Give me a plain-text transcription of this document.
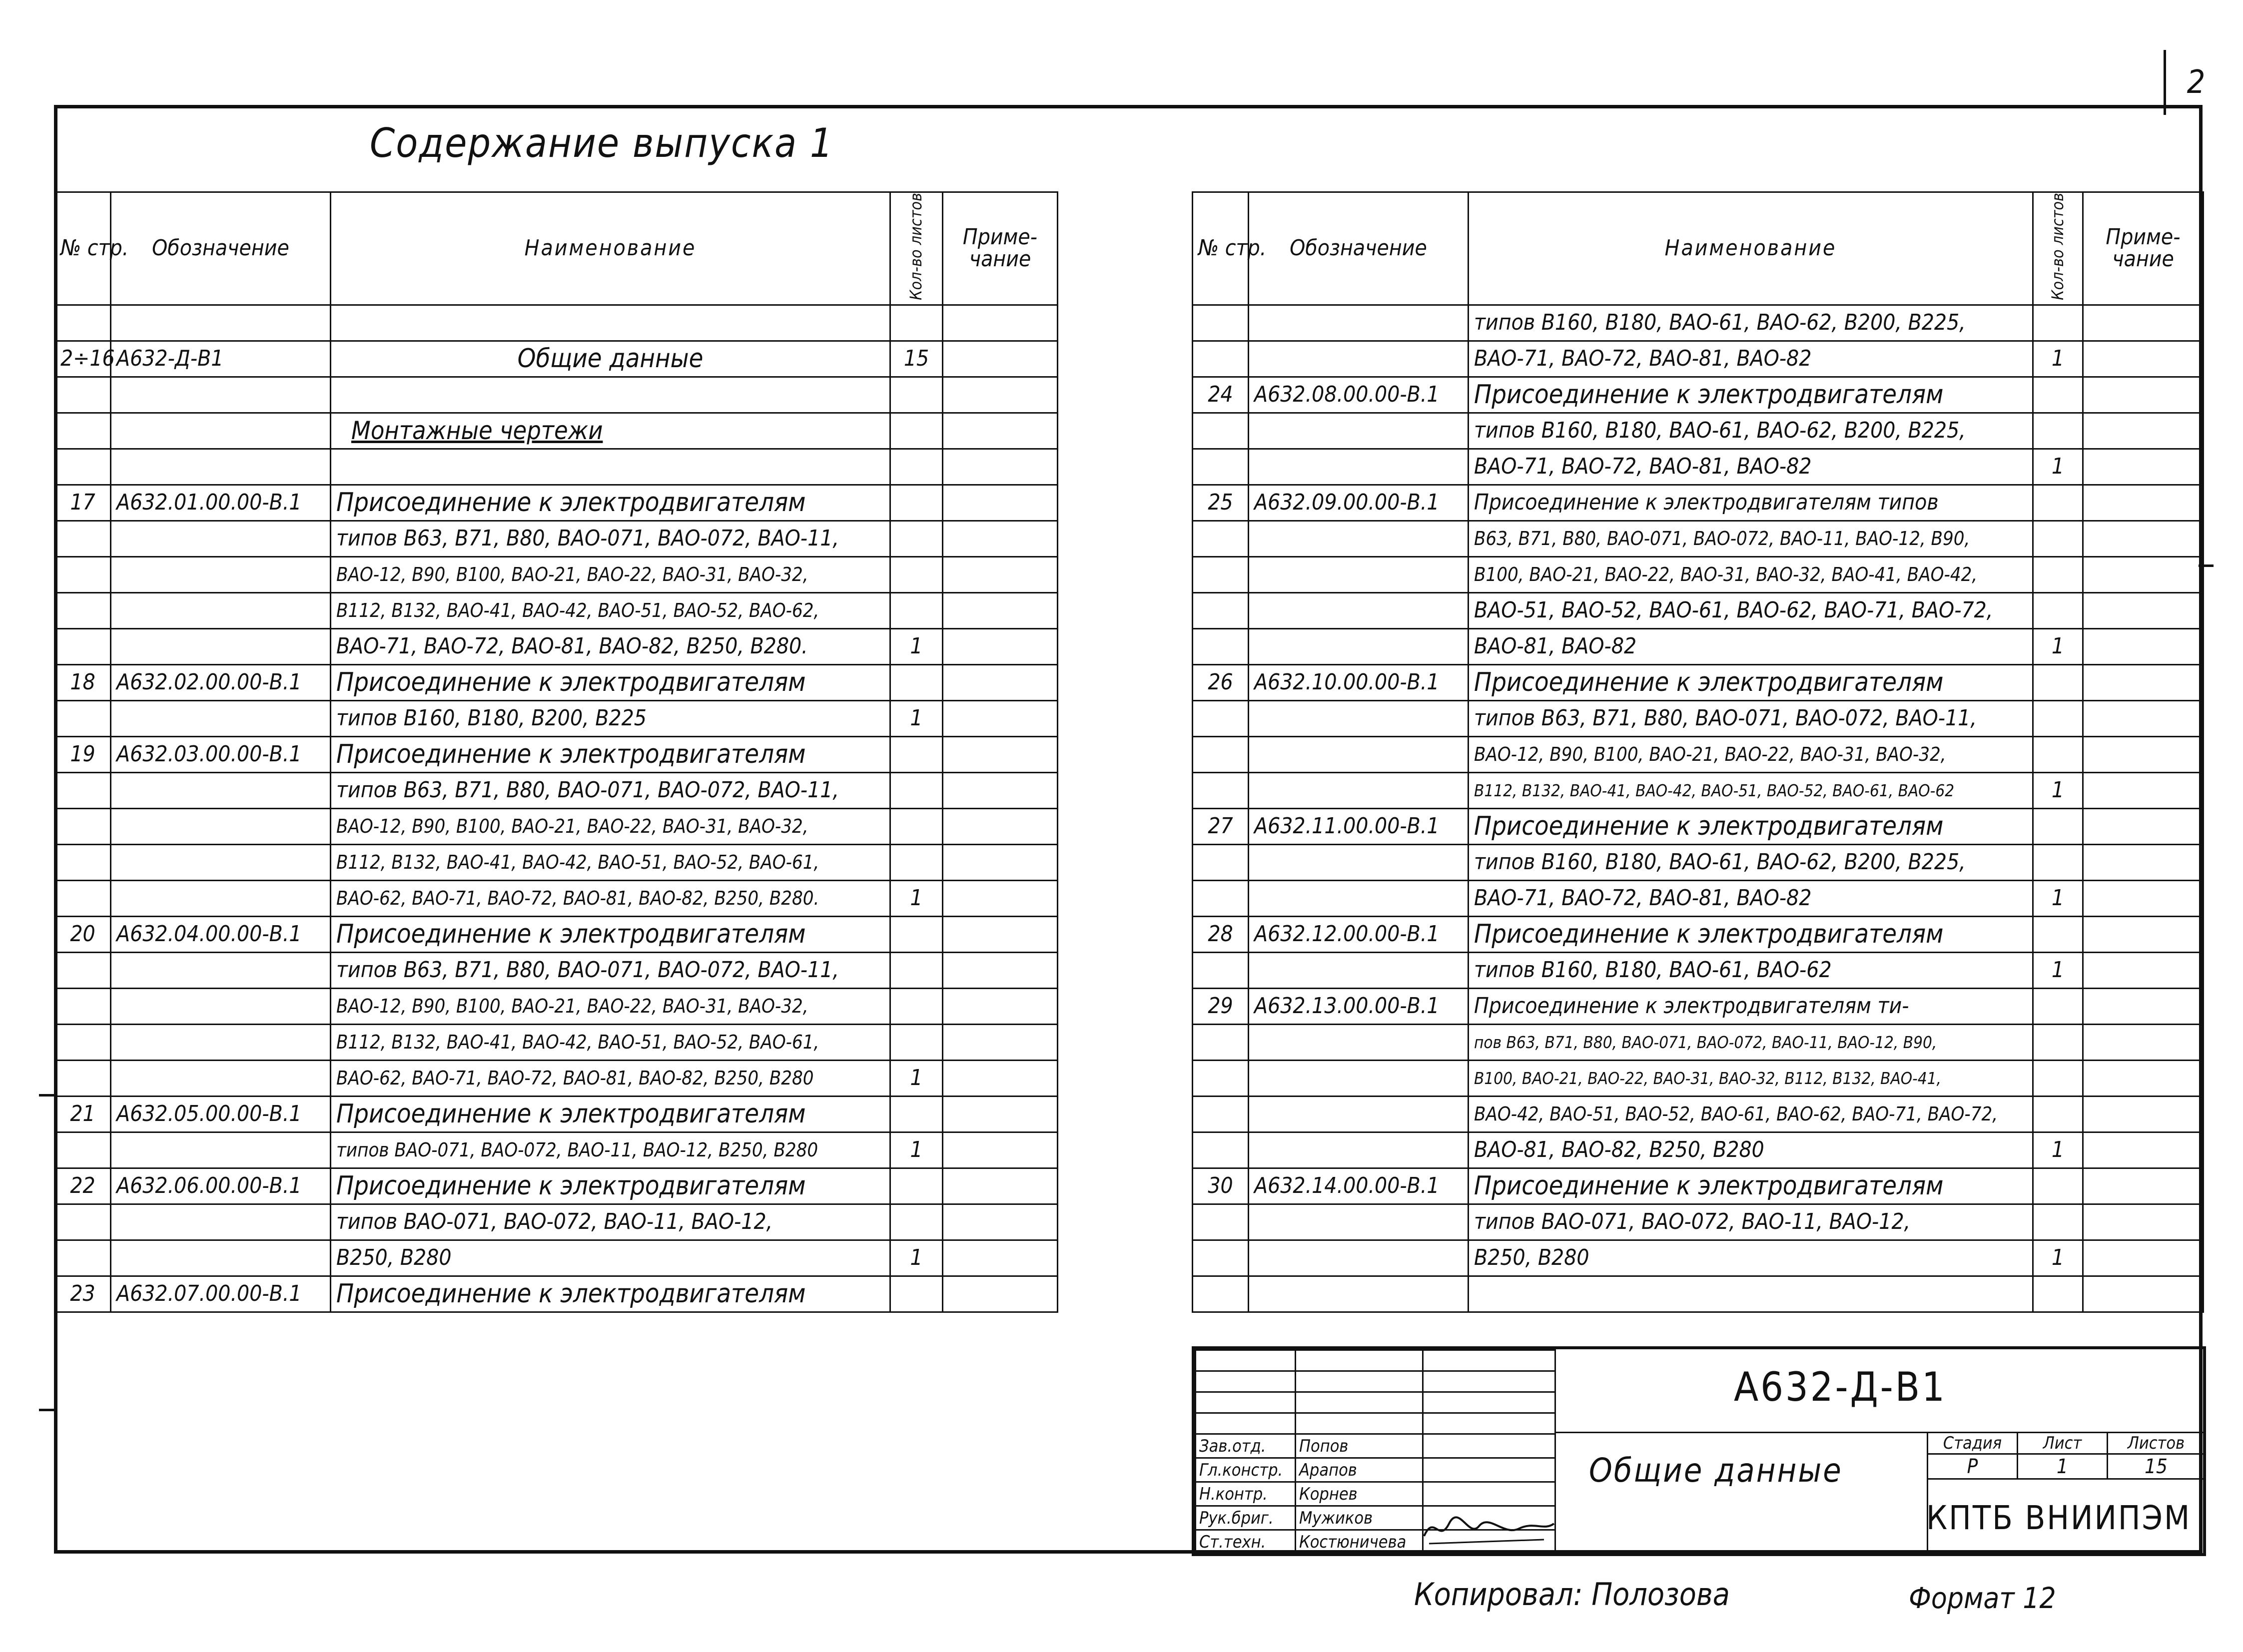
2
Содержание выпуска 1
№ стр.	Обозначение	Наименование	Кол-во листов	Приме- чание

2÷16	А632-Д-В1	Общие данные	15	

		Монтажные чертежи		

17	А632.01.00.00-В.1	Присоединение к электродвигателям		
		типов В63, В71, В80, ВАО-071, ВАО-072, ВАО-11,		
		ВАО-12, В90, В100, ВАО-21, ВАО-22, ВАО-31, ВАО-32,		
		В112, В132, ВАО-41, ВАО-42, ВАО-51, ВАО-52, ВАО-62,		
		ВАО-71, ВАО-72, ВАО-81, ВАО-82, В250, В280.	1	
18	А632.02.00.00-В.1	Присоединение к электродвигателям		
		типов В160, В180, В200, В225	1	
19	А632.03.00.00-В.1	Присоединение к электродвигателям		
		типов В63, В71, В80, ВАО-071, ВАО-072, ВАО-11,		
		ВАО-12, В90, В100, ВАО-21, ВАО-22, ВАО-31, ВАО-32,		
		В112, В132, ВАО-41, ВАО-42, ВАО-51, ВАО-52, ВАО-61,		
		ВАО-62, ВАО-71, ВАО-72, ВАО-81, ВАО-82, В250, В280.	1	
20	А632.04.00.00-В.1	Присоединение к электродвигателям		
		типов В63, В71, В80, ВАО-071, ВАО-072, ВАО-11,		
		ВАО-12, В90, В100, ВАО-21, ВАО-22, ВАО-31, ВАО-32,		
		В112, В132, ВАО-41, ВАО-42, ВАО-51, ВАО-52, ВАО-61,		
		ВАО-62, ВАО-71, ВАО-72, ВАО-81, ВАО-82, В250, В280	1	
21	А632.05.00.00-В.1	Присоединение к электродвигателям		
		типов ВАО-071, ВАО-072, ВАО-11, ВАО-12, В250, В280	1	
22	А632.06.00.00-В.1	Присоединение к электродвигателям		
		типов ВАО-071, ВАО-072, ВАО-11, ВАО-12,		
		В250, В280	1	
23	А632.07.00.00-В.1	Присоединение к электродвигателям		
№ стр.	Обозначение	Наименование	Кол-во листов	Приме- чание
		типов В160, В180, ВАО-61, ВАО-62, В200, В225,		
		ВАО-71, ВАО-72, ВАО-81, ВАО-82	1	
24	А632.08.00.00-В.1	Присоединение к электродвигателям		
		типов В160, В180, ВАО-61, ВАО-62, В200, В225,		
		ВАО-71, ВАО-72, ВАО-81, ВАО-82	1	
25	А632.09.00.00-В.1	Присоединение к электродвигателям типов		
		В63, В71, В80, ВАО-071, ВАО-072, ВАО-11, ВАО-12, В90,		
		В100, ВАО-21, ВАО-22, ВАО-31, ВАО-32, ВАО-41, ВАО-42,		
		ВАО-51, ВАО-52, ВАО-61, ВАО-62, ВАО-71, ВАО-72,		
		ВАО-81, ВАО-82	1	
26	А632.10.00.00-В.1	Присоединение к электродвигателям		
		типов В63, В71, В80, ВАО-071, ВАО-072, ВАО-11,		
		ВАО-12, В90, В100, ВАО-21, ВАО-22, ВАО-31, ВАО-32,		
		В112, В132, ВАО-41, ВАО-42, ВАО-51, ВАО-52, ВАО-61, ВАО-62	1	
27	А632.11.00.00-В.1	Присоединение к электродвигателям		
		типов В160, В180, ВАО-61, ВАО-62, В200, В225,		
		ВАО-71, ВАО-72, ВАО-81, ВАО-82	1	
28	А632.12.00.00-В.1	Присоединение к электродвигателям		
		типов В160, В180, ВАО-61, ВАО-62	1	
29	А632.13.00.00-В.1	Присоединение к электродвигателям ти-		
		пов В63, В71, В80, ВАО-071, ВАО-072, ВАО-11, ВАО-12, В90,		
		В100, ВАО-21, ВАО-22, ВАО-31, ВАО-32, В112, В132, ВАО-41,		
		ВАО-42, ВАО-51, ВАО-52, ВАО-61, ВАО-62, ВАО-71, ВАО-72,		
		ВАО-81, ВАО-82, В250, В280	1	
30	А632.14.00.00-В.1	Присоединение к электродвигателям		
		типов ВАО-071, ВАО-072, ВАО-11, ВАО-12,		
		В250, В280	1	

Зав.отд.	Попов	
Гл.констр.	Арапов	
Н.контр.	Корнев	
Рук.бриг.	Мужиков	
Ст.техн.	Костюничева	
Стадия	Лист	Листов
Р	1	15
А632-Д-В1
Общие данные
КПТБ ВНИИПЭМ
Копировал: Полозова	Формат 12
